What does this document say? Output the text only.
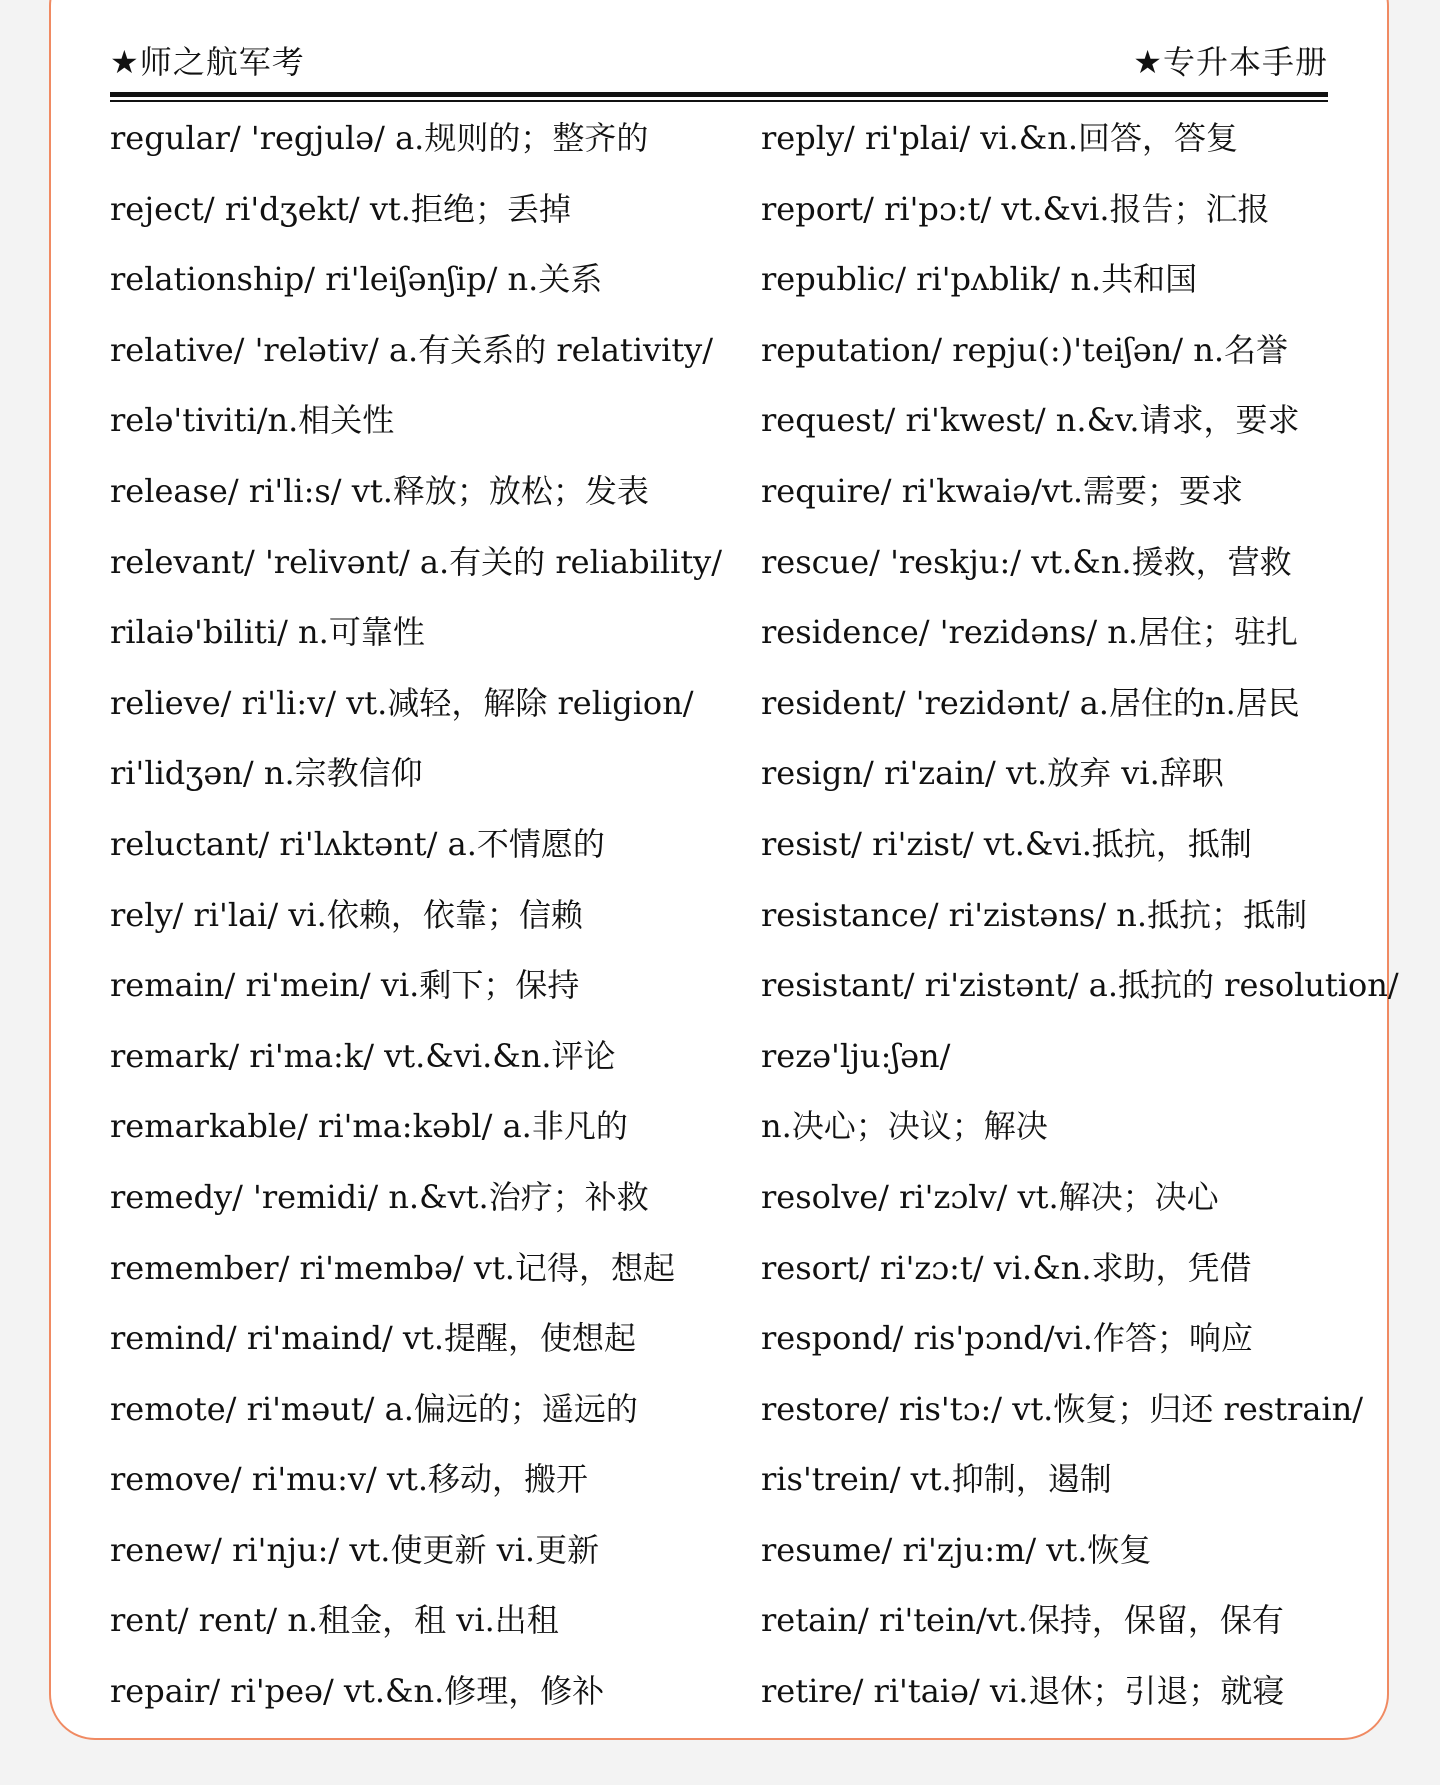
★师之航军考	★专升本手册
regular/ 'regjulə/ a.规则的；整齐的
reject/ ri'dʒekt/ vt.拒绝；丢掉
relationship/ ri'leiʃənʃip/ n.关系
relative/ 'relətiv/ a.有关系的 relativity/
relə'tiviti/n.相关性
release/ ri'li:s/ vt.释放；放松；发表
relevant/ 'relivənt/ a.有关的 reliability/
rilaiə'biliti/ n.可靠性
relieve/ ri'li:v/ vt.减轻，解除 religion/
ri'lidʒən/ n.宗教信仰
reluctant/ ri'lʌktənt/ a.不情愿的
rely/ ri'lai/ vi.依赖，依靠；信赖
remain/ ri'mein/ vi.剩下；保持
remark/ ri'ma:k/ vt.&vi.&n.评论
remarkable/ ri'ma:kəbl/ a.非凡的
remedy/ 'remidi/ n.&vt.治疗；补救
remember/ ri'membə/ vt.记得，想起
remind/ ri'maind/ vt.提醒，使想起
remote/ ri'məut/ a.偏远的；遥远的
remove/ ri'mu:v/ vt.移动，搬开
renew/ ri'nju:/ vt.使更新 vi.更新
rent/ rent/ n.租金，租 vi.出租
repair/ ri'peə/ vt.&n.修理，修补
reply/ ri'plai/ vi.&n.回答，答复
report/ ri'pɔ:t/ vt.&vi.报告；汇报
republic/ ri'pʌblik/ n.共和国
reputation/ repju(:)'teiʃən/ n.名誉
request/ ri'kwest/ n.&v.请求，要求
require/ ri'kwaiə/vt.需要；要求
rescue/ 'reskju:/ vt.&n.援救，营救
residence/ 'rezidəns/ n.居住；驻扎
resident/ 'rezidənt/ a.居住的n.居民
resign/ ri'zain/ vt.放弃 vi.辞职
resist/ ri'zist/ vt.&vi.抵抗，抵制
resistance/ ri'zistəns/ n.抵抗；抵制
resistant/ ri'zistənt/ a.抵抗的 resolution/
rezə'lju:ʃən/
n.决心；决议；解决
resolve/ ri'zɔlv/ vt.解决；决心
resort/ ri'zɔ:t/ vi.&n.求助，凭借
respond/ ris'pɔnd/vi.作答；响应
restore/ ris'tɔ:/ vt.恢复；归还 restrain/
ris'trein/ vt.抑制，遏制
resume/ ri'zju:m/ vt.恢复
retain/ ri'tein/vt.保持，保留，保有
retire/ ri'taiə/ vi.退休；引退；就寝
